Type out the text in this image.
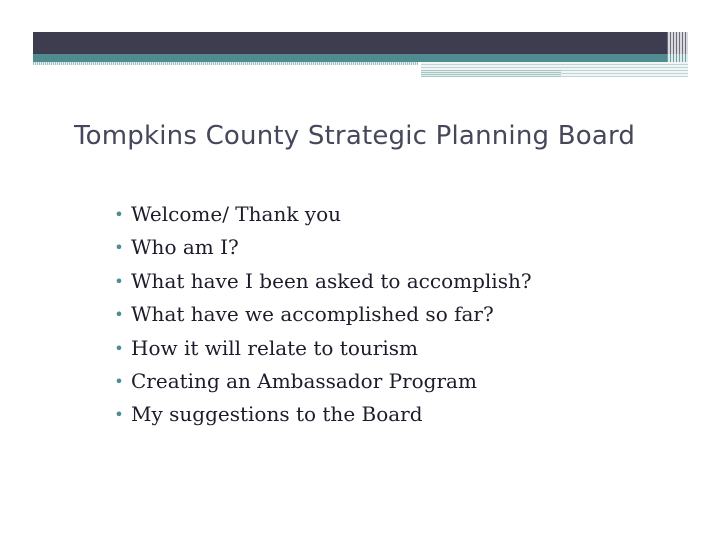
Tompkins County Strategic Planning Board
• Welcome/ Thank you
• Who am I?
• What have I been asked to accomplish?
• What have we accomplished so far?
• How it will relate to tourism
• Creating an Ambassador Program
• My suggestions to the Board
